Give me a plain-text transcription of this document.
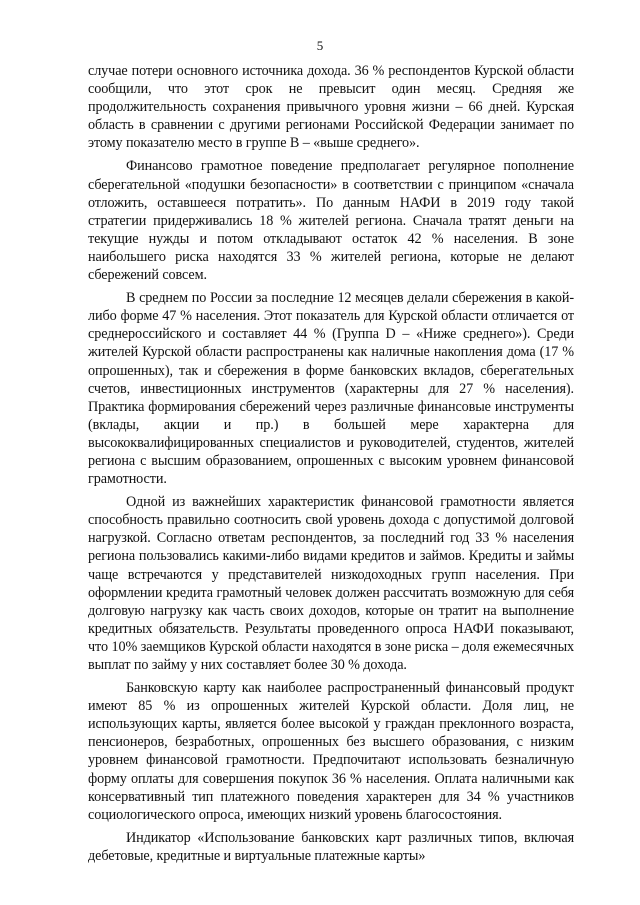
5

случае потери основного источника дохода. 36 % респондентов Курской области сообщили, что этот срок не превысит один месяц. Средняя же продолжительность сохранения привычного уровня жизни – 66 дней. Курская область в сравнении с другими регионами Российской Федерации занимает по этому показателю место в группе B – «выше среднего».

Финансово грамотное поведение предполагает регулярное пополнение сберегательной «подушки безопасности» в соответствии с принципом «сначала отложить, оставшееся потратить». По данным НАФИ в 2019 году такой стратегии придерживались 18 % жителей региона. Сначала тратят деньги на текущие нужды и потом откладывают остаток 42 % населения. В зоне наибольшего риска находятся 33 % жителей региона, которые не делают сбережений совсем.

В среднем по России за последние 12 месяцев делали сбережения в какой-либо форме 47 % населения. Этот показатель для Курской области отличается от среднероссийского и составляет 44 % (Группа D – «Ниже среднего»). Среди жителей Курской области распространены как наличные накопления дома (17 % опрошенных), так и сбережения в форме банковских вкладов, сберегательных счетов, инвестиционных инструментов (характерны для 27 % населения). Практика формирования сбережений через различные финансовые инструменты (вклады, акции и пр.) в большей мере характерна для высококвалифицированных специалистов и руководителей, студентов, жителей региона с высшим образованием, опрошенных с высоким уровнем финансовой грамотности.

Одной из важнейших характеристик финансовой грамотности является способность правильно соотносить свой уровень дохода с допустимой долговой нагрузкой. Согласно ответам респондентов, за последний год 33 % населения региона пользовались какими-либо видами кредитов и займов. Кредиты и займы чаще встречаются у представителей низкодоходных групп населения. При оформлении кредита грамотный человек должен рассчитать возможную для себя долговую нагрузку как часть своих доходов, которые он тратит на выполнение кредитных обязательств. Результаты проведенного опроса НАФИ показывают, что 10% заемщиков Курской области находятся в зоне риска – доля ежемесячных выплат по займу у них составляет более 30 % дохода.

Банковскую карту как наиболее распространенный финансовый продукт имеют 85 % из опрошенных жителей Курской области. Доля лиц, не использующих карты, является более высокой у граждан преклонного возраста, пенсионеров, безработных, опрошенных без высшего образования, с низким уровнем финансовой грамотности. Предпочитают использовать безналичную форму оплаты для совершения покупок 36 % населения. Оплата наличными как консервативный тип платежного поведения характерен для 34 % участников социологического опроса, имеющих низкий уровень благосостояния.

Индикатор «Использование банковских карт различных типов, включая дебетовые, кредитные и виртуальные платежные карты»
